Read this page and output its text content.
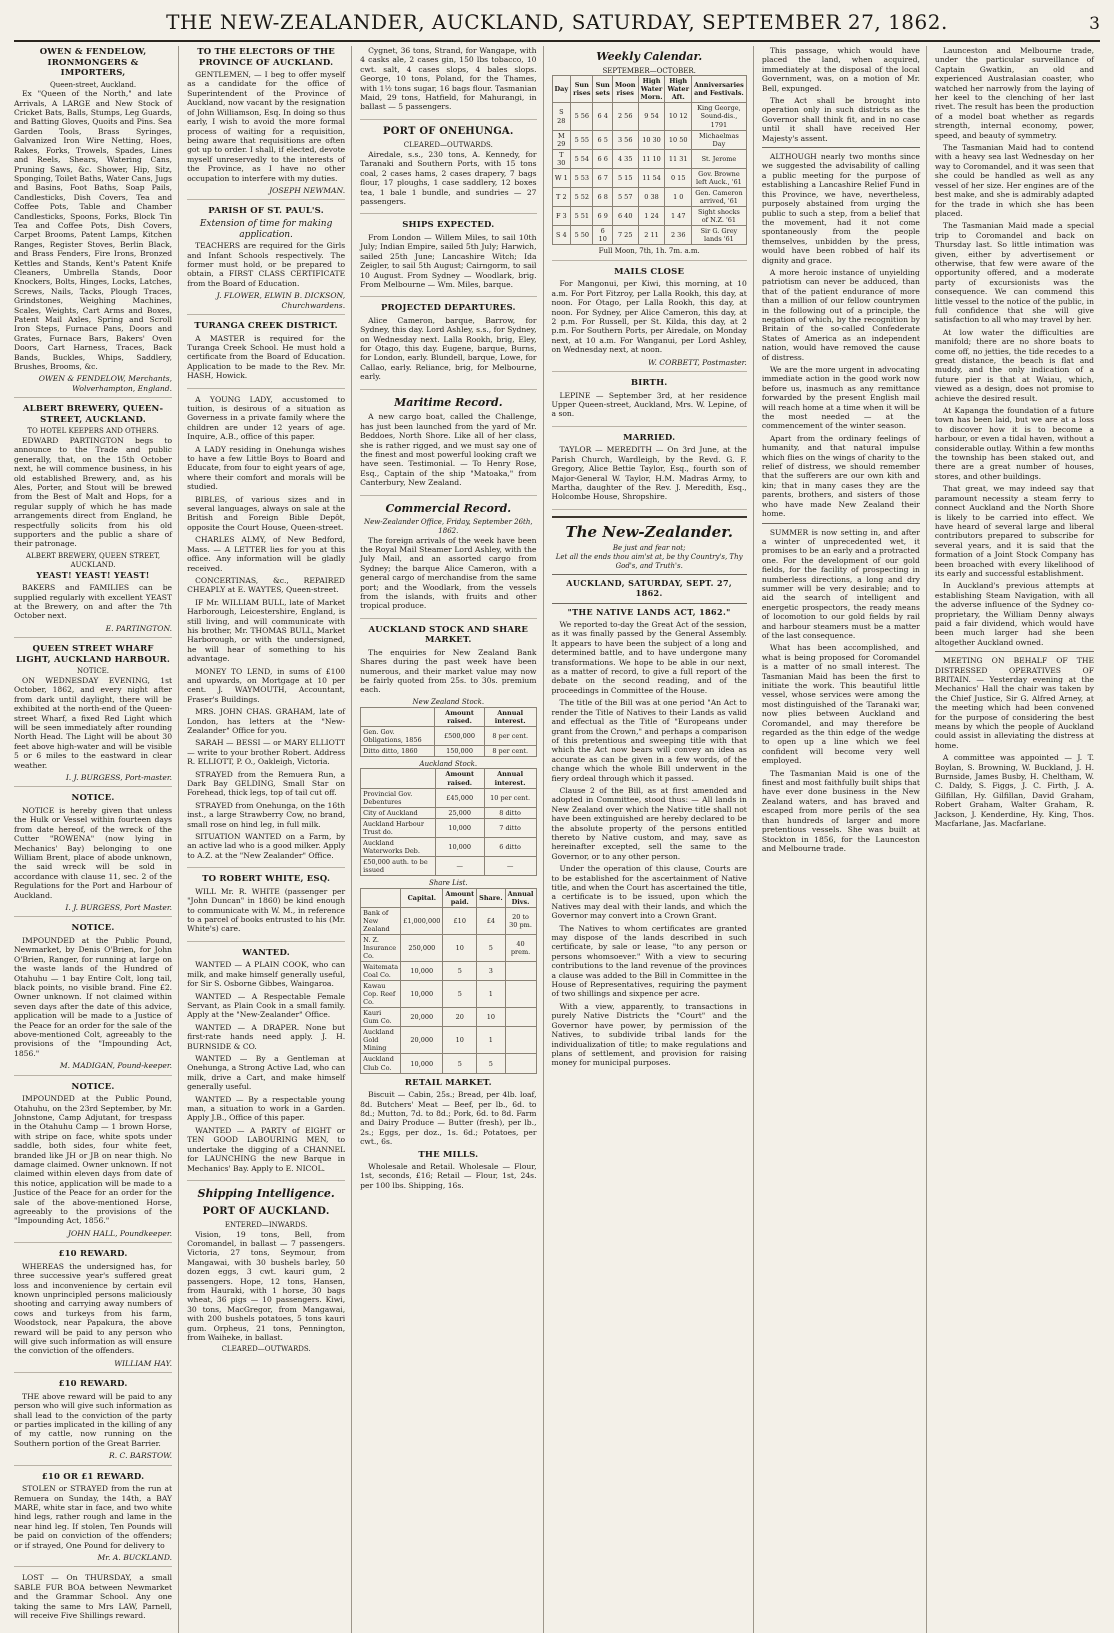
THE NEW-ZEALANDER, AUCKLAND, SATURDAY, SEPTEMBER 27, 1862.	3
OWEN & FENDELOW, IRONMONGERS & IMPORTERS,
Queen-street, Auckland.

Ex "Queen of the North," and late Arrivals, A LARGE and New Stock of Cricket Bats, Balls, Stumps, Leg Guards, and Batting Gloves, Quoits and Pins. Sea Garden Tools, Brass Syringes, Galvanized Iron Wire Netting, Hoes, Rakes, Forks, Trowels, Spades, Lines and Reels, Shears, Watering Cans, Pruning Saws, &c. Shower, Hip, Sitz, Sponging, Toilet Baths, Water Cans, Jugs and Basins, Foot Baths, Soap Pails, Candlesticks, Dish Covers, Tea and Coffee Pots, Table and Chamber Candlesticks, Spoons, Forks, Block Tin Tea and Coffee Pots, Dish Covers, Carpet Brooms, Patent Lamps, Kitchen Ranges, Register Stoves, Berlin Black, and Brass Fenders, Fire Irons, Bronzed Kettles and Stands, Kent's Patent Knife Cleaners, Umbrella Stands, Door Knockers, Bolts, Hinges, Locks, Latches, Screws, Nails, Tacks, Plough Traces, Grindstones, Weighing Machines, Scales, Weights, Cart Arms and Boxes, Patent Mail Axles, Spring and Scroll Iron Steps, Furnace Pans, Doors and Grates, Furnace Bars, Bakers' Oven Doors, Cart Harness, Traces, Back Bands, Buckles, Whips, Saddlery, Brushes, Brooms, &c.

OWEN & FENDELOW, Merchants, Wolverhampton, England.
ALBERT BREWERY, QUEEN-STREET, AUCKLAND.
TO HOTEL KEEPERS AND OTHERS.

EDWARD PARTINGTON begs to announce to the Trade and public generally, that, on the 15th October next, he will commence business, in his old established Brewery, and, as his Ales, Porter, and Stout will be brewed from the Best of Malt and Hops, for a regular supply of which he has made arrangements direct from England, he respectfully solicits from his old supporters and the public a share of their patronage.

ALBERT BREWERY, QUEEN STREET, AUCKLAND.
YEAST! YEAST! YEAST!

BAKERS and FAMILIES can be supplied regularly with excellent YEAST at the Brewery, on and after the 7th October next.

E. PARTINGTON.
QUEEN STREET WHARF LIGHT, AUCKLAND HARBOUR.
NOTICE.

ON WEDNESDAY EVENING, 1st October, 1862, and every night after from dark until daylight, there will be exhibited at the north-end of the Queen-street Wharf, a fixed Red Light which will be seen immediately after rounding North Head. The Light will be about 30 feet above high-water and will be visible 5 or 6 miles to the eastward in clear weather.

I. J. BURGESS, Port-master.
NOTICE.

NOTICE is hereby given that unless the Hulk or Vessel within fourteen days from date hereof, of the wreck of the Cutter "ROWENA" (now lying in Mechanics' Bay) belonging to one William Brent, place of abode unknown, the said wreck will be sold in accordance with clause 11, sec. 2 of the Regulations for the Port and Harbour of Auckland.

I. J. BURGESS, Port Master.
NOTICE.

IMPOUNDED at the Public Pound, Newmarket, by Denis O'Brien, for John O'Brien, Ranger, for running at large on the waste lands of the Hundred of Otahuhu — 1 bay Entire Colt, long tail, black points, no visible brand. Fine £2. Owner unknown. If not claimed within seven days after the date of this advice, application will be made to a Justice of the Peace for an order for the sale of the above-mentioned Colt, agreeably to the provisions of the "Impounding Act, 1856."

M. MADIGAN, Pound-keeper.
NOTICE.

IMPOUNDED at the Public Pound, Otahuhu, on the 23rd September, by Mr. Johnstone, Camp Adjutant, for trespass in the Otahuhu Camp — 1 brown Horse, with stripe on face, white spots under saddle, both sides, four white feet, branded like JH or JB on near thigh. No damage claimed. Owner unknown. If not claimed within eleven days from date of this notice, application will be made to a Justice of the Peace for an order for the sale of the above-mentioned Horse, agreeably to the provisions of the "Impounding Act, 1856."

JOHN HALL, Poundkeeper.
£10 REWARD.

WHEREAS the undersigned has, for three successive year's suffered great loss and inconvenience by certain evil known unprincipled persons maliciously shooting and carrying away numbers of cows and turkeys from his farm, Woodstock, near Papakura, the above reward will be paid to any person who will give such information as will ensure the conviction of the offenders.

WILLIAM HAY.
£10 REWARD.

THE above reward will be paid to any person who will give such information as shall lead to the conviction of the party or parties implicated in the killing of any of my cattle, now running on the Southern portion of the Great Barrier.

R. C. BARSTOW.
£10 OR £1 REWARD.

STOLEN or STRAYED from the run at Remuera on Sunday, the 14th, a BAY MARE, white star in face, and two white hind legs, rather rough and lame in the near hind leg. If stolen, Ten Pounds will be paid on conviction of the offenders; or if strayed, One Pound for delivery to

Mr. A. BUCKLAND.

LOST — On THURSDAY, a small SABLE FUR BOA between Newmarket and the Grammar School. Any one taking the same to Mrs LAW, Parnell, will receive Five Shillings reward.

TO THE ELECTORS OF THE PROVINCE OF AUCKLAND.

GENTLEMEN, — I beg to offer myself as a candidate for the office of Superintendent of the Province of Auckland, now vacant by the resignation of John Williamson, Esq. In doing so thus early, I wish to avoid the more formal process of waiting for a requisition, being aware that requisitions are often got up to order. I shall, if elected, devote myself unreservedly to the interests of the Province, as I have no other occupation to interfere with my duties.

JOSEPH NEWMAN.
PARISH OF ST. PAUL'S.
Extension of time for making application.

TEACHERS are required for the Girls and Infant Schools respectively. The former must hold, or be prepared to obtain, a FIRST CLASS CERTIFICATE from the Board of Education.

J. FLOWER, ELWIN B. DICKSON, Churchwardens.
TURANGA CREEK DISTRICT.

A MASTER is required for the Turanga Creek School. He must hold a certificate from the Board of Education. Application to be made to the Rev. Mr. HASH, Howick.

A YOUNG LADY, accustomed to tuition, is desirous of a situation as Governess in a private family where the children are under 12 years of age. Inquire, A.B., office of this paper.

A LADY residing in Onehunga wishes to have a few Little Boys to Board and Educate, from four to eight years of age, where their comfort and morals will be studied.

BIBLES, of various sizes and in several languages, always on sale at the British and Foreign Bible Depôt, opposite the Court House, Queen-street.

CHARLES ALMY, of New Bedford, Mass. — A LETTER lies for you at this office. Any information will be gladly received.

CONCERTINAS, &c., REPAIRED CHEAPLY at E. WAYTES, Queen-street.

IF Mr. WILLIAM BULL, late of Market Harborough, Leicestershire, England, is still living, and will communicate with his brother, Mr. THOMAS BULL, Market Harborough, or with the undersigned, he will hear of something to his advantage.

MONEY TO LEND, in sums of £100 and upwards, on Mortgage at 10 per cent. J. WAYMOUTH, Accountant, Fraser's Buildings.

MRS. JOHN CHAS. GRAHAM, late of London, has letters at the "New-Zealander" Office for you.

SARAH — BESSI — or MARY ELLIOTT — write to your brother Robert. Address R. ELLIOTT, P. O., Oakleigh, Victoria.

STRAYED from the Remuera Run, a Dark Bay GELDING, Small Star on Forehead, thick legs, top of tail cut off.

STRAYED from Onehunga, on the 16th inst., a large Strawberry Cow, no brand, small rose on hind leg, in full milk.

SITUATION WANTED on a Farm, by an active lad who is a good milker. Apply to A.Z. at the "New Zealander" Office.

TO ROBERT WHITE, ESQ.

WILL Mr. R. WHITE (passenger per "John Duncan" in 1860) be kind enough to communicate with W. M., in reference to a parcel of books entrusted to his (Mr. White's) care.

WANTED.

WANTED — A PLAIN COOK, who can milk, and make himself generally useful, for Sir S. Osborne Gibbes, Waingaroa.

WANTED — A Respectable Female Servant, as Plain Cook in a small family. Apply at the "New-Zealander" Office.

WANTED — A DRAPER. None but first-rate hands need apply. J. H. BURNSIDE & CO.

WANTED — By a Gentleman at Onehunga, a Strong Active Lad, who can milk, drive a Cart, and make himself generally useful.

WANTED — By a respectable young man, a situation to work in a Garden. Apply J.B., Office of this paper.

WANTED — A PARTY of EIGHT or TEN GOOD LABOURING MEN, to undertake the digging of a CHANNEL for LAUNCHING the new Barque in Mechanics' Bay. Apply to E. NICOL.

Shipping Intelligence.
PORT OF AUCKLAND.
ENTERED—INWARDS.

Vision, 19 tons, Bell, from Coromandel, in ballast — 7 passengers. Victoria, 27 tons, Seymour, from Mangawai, with 30 bushels barley, 50 dozen eggs, 3 cwt. kauri gum, 2 passengers. Hope, 12 tons, Hansen, from Hauraki, with 1 horse, 30 bags wheat, 36 pigs — 10 passengers. Kiwi, 30 tons, MacGregor, from Mangawai, with 200 bushels potatoes, 5 tons kauri gum. Orpheus, 21 tons, Pennington, from Waiheke, in ballast.

CLEARED—OUTWARDS.

Cygnet, 36 tons, Strand, for Wangape, with 4 casks ale, 2 cases gin, 150 lbs tobacco, 10 cwt. salt, 4 cases slops, 4 bales slops. George, 10 tons, Poland, for the Thames, with 1½ tons sugar, 16 bags flour. Tasmanian Maid, 29 tons, Hatfield, for Mahurangi, in ballast — 5 passengers.

PORT OF ONEHUNGA.
CLEARED—OUTWARDS.

Airedale, s.s., 230 tons, A. Kennedy, for Taranaki and Southern Ports, with 15 tons coal, 2 cases hams, 2 cases drapery, 7 bags flour, 17 ploughs, 1 case saddlery, 12 boxes tea, 1 bale 1 bundle, and sundries — 27 passengers.

SHIPS EXPECTED.

From London — Willem Miles, to sail 10th July; Indian Empire, sailed 5th July; Harwich, sailed 25th June; Lancashire Witch; Ida Zeigler, to sail 5th August; Cairngorm, to sail 10 August. From Sydney — Woodlark, brig. From Melbourne — Wm. Miles, barque.

PROJECTED DEPARTURES.

Alice Cameron, barque, Barrow, for Sydney, this day. Lord Ashley, s.s., for Sydney, on Wednesday next. Lalla Rookh, brig, Eley, for Otago, this day. Eugene, barque, Burns, for London, early. Blundell, barque, Lowe, for Callao, early. Reliance, brig, for Melbourne, early.

Maritime Record.

A new cargo boat, called the Challenge, has just been launched from the yard of Mr. Beddoes, North Shore. Like all of her class, she is rather rigged, and we must say one of the finest and most powerful looking craft we have seen. Testimonial. — To Henry Rose, Esq., Captain of the ship "Matoaka," from Canterbury, New Zealand.

Commercial Record.
New-Zealander Office, Friday, September 26th, 1862.

The foreign arrivals of the week have been the Royal Mail Steamer Lord Ashley, with the July Mail, and an assorted cargo from Sydney; the barque Alice Cameron, with a general cargo of merchandise from the same port; and the Woodlark, from the vessels from the islands, with fruits and other tropical produce.

AUCKLAND STOCK AND SHARE MARKET.

The enquiries for New Zealand Bank Shares during the past week have been numerous, and their market value may now be fairly quoted from 25s. to 30s. premium each.

New Zealand Stock.
	Amount raised.	Annual interest.
Gen. Gov. Obligations, 1856	£500,000	8 per cent.
Ditto ditto, 1860	150,000	8 per cent.
Auckland Stock.
	Amount raised.	Annual interest.
Provincial Gov. Debentures	£45,000	10 per cent.
City of Auckland	25,000	8 ditto
Auckland Harbour Trust do.	10,000	7 ditto
Auckland Waterworks Deb.	10,000	6 ditto
£50,000 auth. to be issued	—	—
Share List.
	Capital.	Amount paid.	Share.	Annual Divs.
Bank of New Zealand	£1,000,000	£10	£4	20 to 30 pm.
N. Z. Insurance Co.	250,000	10	5	40 prem.
Waitemata Coal Co.	10,000	5	3	
Kawau Cop. Reef Co.	10,000	5	1	
Kauri Gum Co.	20,000	20	10	
Auckland Gold Mining	20,000	10	1	
Auckland Club Co.	10,000	5	5	
RETAIL MARKET.

Biscuit — Cabin, 25s.; Bread, per 4lb. loaf, 8d. Butchers' Meat — Beef, per lb., 6d. to 8d.; Mutton, 7d. to 8d.; Pork, 6d. to 8d. Farm and Dairy Produce — Butter (fresh), per lb., 2s.; Eggs, per doz., 1s. 6d.; Potatoes, per cwt., 6s.

THE MILLS.

Wholesale and Retail. Wholesale — Flour, 1st, seconds, £16; Retail — Flour, 1st, 24s. per 100 lbs. Shipping, 16s.

Weekly Calendar.
SEPTEMBER—OCTOBER.
Day	Sun rises	Sun sets	Moon rises	High Water Morn.	High Water Aft.	Anniversaries and Festivals.
S 28	5 56	6 4	2 56	9 54	10 12	King George, Sound-dis., 1791
M 29	5 55	6 5	3 56	10 30	10 50	Michaelmas Day
T 30	5 54	6 6	4 35	11 10	11 31	St. Jerome
W 1	5 53	6 7	5 15	11 54	0 15	Gov. Browne left Auck., '61
T 2	5 52	6 8	5 57	0 38	1 0	Gen. Cameron arrived, '61
F 3	5 51	6 9	6 40	1 24	1 47	Sight shocks of N.Z. '61
S 4	5 50	6 10	7 25	2 11	2 36	Sir G. Grey lands '61
Full Moon, 7th, 1h. 7m. a.m.
MAILS CLOSE

For Mangonui, per Kiwi, this morning, at 10 a.m. For Port Fitzroy, per Lalla Rookh, this day, at noon. For Otago, per Lalla Rookh, this day, at noon. For Sydney, per Alice Cameron, this day, at 2 p.m. For Russell, per St. Kilda, this day, at 2 p.m. For Southern Ports, per Airedale, on Monday next, at 10 a.m. For Wanganui, per Lord Ashley, on Wednesday next, at noon.

W. CORBETT, Postmaster.
BIRTH.

LEPINE — September 3rd, at her residence Upper Queen-street, Auckland, Mrs. W. Lepine, of a son.

MARRIED.

TAYLOR — MEREDITH — On 3rd June, at the Parish Church, Wardleigh, by the Revd. G. F. Gregory, Alice Bettie Taylor, Esq., fourth son of Major-General W. Taylor, H.M. Madras Army, to Martha, daughter of the Rev. J. Meredith, Esq., Holcombe House, Shropshire.

The New-Zealander.
Be just and fear not;
Let all the ends thou aim'st at, be thy Country's, Thy God's, and Truth's.
AUCKLAND, SATURDAY, SEPT. 27, 1862.
"THE NATIVE LANDS ACT, 1862."

We reported to-day the Great Act of the session, as it was finally passed by the General Assembly. It appears to have been the subject of a long and determined battle, and to have undergone many transformations. We hope to be able in our next, as a matter of record, to give a full report of the debate on the second reading, and of the proceedings in Committee of the House.

The title of the Bill was at one period "An Act to render the Title of Natives to their Lands as valid and effectual as the Title of "Europeans under grant from the Crown," and perhaps a comparison of this pretentious and sweeping title with that which the Act now bears will convey an idea as accurate as can be given in a few words, of the change which the whole Bill underwent in the fiery ordeal through which it passed.

Clause 2 of the Bill, as at first amended and adopted in Committee, stood thus: — All lands in New Zealand over which the Native title shall not have been extinguished are hereby declared to be the absolute property of the persons entitled thereto by Native custom, and may, save as hereinafter excepted, sell the same to the Governor, or to any other person.

Under the operation of this clause, Courts are to be established for the ascertainment of Native title, and when the Court has ascertained the title, a certificate is to be issued, upon which the Natives may deal with their lands, and which the Governor may convert into a Crown Grant.

The Natives to whom certificates are granted may dispose of the lands described in such certificate, by sale or lease, "to any person or persons whomsoever." With a view to securing contributions to the land revenue of the provinces a clause was added to the Bill in Committee in the House of Representatives, requiring the payment of two shillings and sixpence per acre.

With a view, apparently, to transactions in purely Native Districts the "Court" and the Governor have power, by permission of the Natives, to subdivide tribal lands for the individualization of title; to make regulations and plans of settlement, and provision for raising money for municipal purposes.

This passage, which would have placed the land, when acquired, immediately at the disposal of the local Government, was, on a motion of Mr. Bell, expunged.

The Act shall be brought into operation only in such districts as the Governor shall think fit, and in no case until it shall have received Her Majesty's assent.

ALTHOUGH nearly two months since we suggested the advisability of calling a public meeting for the purpose of establishing a Lancashire Relief Fund in this Province, we have, nevertheless, purposely abstained from urging the public to such a step, from a belief that the movement, had it not come spontaneously from the people themselves, unbidden by the press, would have been robbed of half its dignity and grace.

A more heroic instance of unyielding patriotism can never be adduced, than that of the patient endurance of more than a million of our fellow countrymen in the following out of a principle, the negation of which, by the recognition by Britain of the so-called Confederate States of America as an independent nation, would have removed the cause of distress.

We are the more urgent in advocating immediate action in the good work now before us, inasmuch as any remittance forwarded by the present English mail will reach home at a time when it will be the most needed — at the commencement of the winter season.

Apart from the ordinary feelings of humanity, and that natural impulse which flies on the wings of charity to the relief of distress, we should remember that the sufferers are our own kith and kin; that in many cases they are the parents, brothers, and sisters of those who have made New Zealand their home.

SUMMER is now setting in, and after a winter of unprecedented wet, it promises to be an early and a protracted one. For the development of our gold fields, for the facility of prospecting in numberless directions, a long and dry summer will be very desirable; and to aid the search of intelligent and energetic prospectors, the ready means of locomotion to our gold fields by rail and harbour steamers must be a matter of the last consequence.

What has been accomplished, and what is being proposed for Coromandel is a matter of no small interest. The Tasmanian Maid has been the first to initiate the work. This beautiful little vessel, whose services were among the most distinguished of the Taranaki war, now plies between Auckland and Coromandel, and may therefore be regarded as the thin edge of the wedge to open up a line which we feel confident will become very well employed.

The Tasmanian Maid is one of the finest and most faithfully built ships that have ever done business in the New Zealand waters, and has braved and escaped from more perils of the sea than hundreds of larger and more pretentious vessels. She was built at Stockton in 1856, for the Launceston and Melbourne trade.

Launceston and Melbourne trade, under the particular surveillance of Captain Gwatkin, an old and experienced Australasian coaster, who watched her narrowly from the laying of her keel to the clenching of her last rivet. The result has been the production of a model boat whether as regards strength, internal economy, power, speed, and beauty of symmetry.

The Tasmanian Maid had to contend with a heavy sea last Wednesday on her way to Coromandel, and it was seen that she could be handled as well as any vessel of her size. Her engines are of the best make, and she is admirably adapted for the trade in which she has been placed.

The Tasmanian Maid made a special trip to Coromandel and back on Thursday last. So little intimation was given, either by advertisement or otherwise, that few were aware of the opportunity offered, and a moderate party of excursionists was the consequence. We can commend this little vessel to the notice of the public, in full confidence that she will give satisfaction to all who may travel by her.

At low water the difficulties are manifold; there are no shore boats to come off, no jetties, the tide recedes to a great distance, the beach is flat and muddy, and the only indication of a future pier is that at Waiau, which, viewed as a design, does not promise to achieve the desired result.

At Kapanga the foundation of a future town has been laid, but we are at a loss to discover how it is to become a harbour, or even a tidal haven, without a considerable outlay. Within a few months the township has been staked out, and there are a great number of houses, stores, and other buildings.

That great, we may indeed say that paramount necessity a steam ferry to connect Auckland and the North Shore is likely to be carried into effect. We have heard of several large and liberal contributors prepared to subscribe for several years, and it is said that the formation of a Joint Stock Company has been broached with every likelihood of its early and successful establishment.

In Auckland's previous attempts at establishing Steam Navigation, with all the adverse influence of the Sydney co-proprietary, the William Denny always paid a fair dividend, which would have been much larger had she been altogether Auckland owned.

MEETING ON BEHALF OF THE DISTRESSED OPERATIVES OF BRITAIN. — Yesterday evening at the Mechanics' Hall the chair was taken by the Chief Justice, Sir G. Alfred Arney, at the meeting which had been convened for the purpose of considering the best means by which the people of Auckland could assist in alleviating the distress at home.

A committee was appointed — J. T. Boylan, S. Browning, W. Buckland, J. H. Burnside, James Busby, H. Cheltham, W. C. Daldy, S. Figgs, J. C. Firth, J. A. Gilfillan, Hy. Gilfillan, David Graham, Robert Graham, Walter Graham, R. Jackson, J. Kenderdine, Hy. King, Thos. Macfarlane, Jas. Macfarlane.
